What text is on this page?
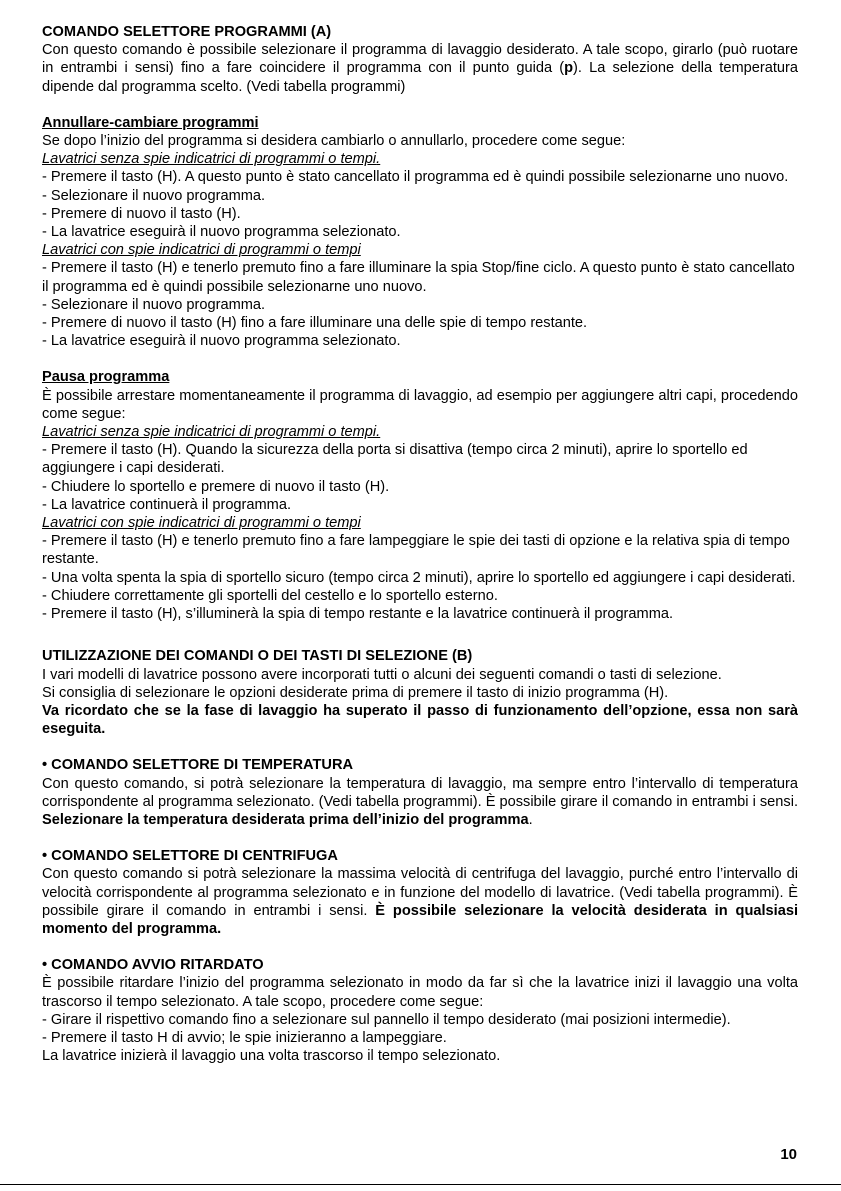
COMANDO SELETTORE PROGRAMMI (A)

Con questo comando è possibile selezionare il programma di lavaggio desiderato. A tale scopo, girarlo (può ruotare in entrambi i sensi) fino a fare coincidere il programma con il punto guida (p). La selezione della temperatura dipende dal programma scelto. (Vedi tabella programmi)

Annullare-cambiare programmi

Se dopo l’inizio del programma si desidera cambiarlo o annullarlo, procedere come segue:

Lavatrici senza spie indicatrici di programmi o tempi.

- Premere il tasto (H). A questo punto è stato cancellato il programma ed è quindi possibile selezionarne uno nuovo.

- Selezionare il nuovo programma.

- Premere di nuovo il tasto (H).

- La lavatrice eseguirà il nuovo programma selezionato.

Lavatrici con spie indicatrici di programmi o tempi

- Premere il tasto (H) e tenerlo premuto fino a fare illuminare la spia Stop/fine ciclo. A questo punto è stato cancellato il programma ed è quindi possibile selezionarne uno nuovo.

- Selezionare il nuovo programma.

- Premere di nuovo il tasto (H) fino a fare illuminare una delle spie di tempo restante.

- La lavatrice eseguirà il nuovo programma selezionato.

Pausa programma

È possibile arrestare momentaneamente il programma di lavaggio, ad esempio per aggiungere altri capi, procedendo come segue:

Lavatrici senza spie indicatrici di programmi o tempi.

- Premere il tasto (H). Quando la sicurezza della porta si disattiva (tempo circa 2 minuti), aprire lo sportello ed aggiungere i capi desiderati.

- Chiudere lo sportello e premere di nuovo il tasto (H).

- La lavatrice continuerà il programma.

Lavatrici con spie indicatrici di programmi o tempi

- Premere il tasto (H) e tenerlo premuto fino a fare lampeggiare le spie dei tasti di opzione e la relativa spia di tempo restante.

- Una volta spenta la spia di sportello sicuro (tempo circa 2 minuti), aprire lo sportello ed aggiungere i capi desiderati.

- Chiudere correttamente gli sportelli del cestello e lo sportello esterno.

- Premere il tasto (H), s’illuminerà la spia di tempo restante e la lavatrice continuerà il programma.

UTILIZZAZIONE DEI COMANDI O DEI TASTI DI SELEZIONE (B)

I vari modelli di lavatrice possono avere incorporati tutti o alcuni dei seguenti comandi o tasti di selezione.

Si consiglia di selezionare le opzioni desiderate prima di premere il tasto di inizio programma (H).

Va ricordato che se la fase di lavaggio ha superato il passo di funzionamento dell’opzione, essa non sarà eseguita.

• COMANDO SELETTORE DI TEMPERATURA

Con questo comando, si potrà selezionare la temperatura di lavaggio, ma sempre entro l’intervallo di temperatura corrispondente al programma selezionato. (Vedi tabella programmi). È possibile girare il comando in entrambi i sensi. Selezionare la temperatura desiderata prima dell’inizio del programma.

• COMANDO SELETTORE DI CENTRIFUGA

Con questo comando si potrà selezionare la massima velocità di centrifuga del lavaggio, purché entro l’intervallo di velocità corrispondente al programma selezionato e in funzione del modello di lavatrice. (Vedi tabella programmi). È possibile girare il comando in entrambi i sensi. È possibile selezionare la velocità desiderata in qualsiasi momento del programma.

• COMANDO AVVIO RITARDATO

È possibile ritardare l’inizio del programma selezionato in modo da far sì che la lavatrice inizi il lavaggio una volta trascorso il tempo selezionato. A tale scopo, procedere come segue:

- Girare il rispettivo comando fino a selezionare sul pannello il tempo desiderato (mai posizioni intermedie).

- Premere il tasto H di avvio; le spie inizieranno a lampeggiare.

La lavatrice inizierà il lavaggio una volta trascorso il tempo selezionato.

10
